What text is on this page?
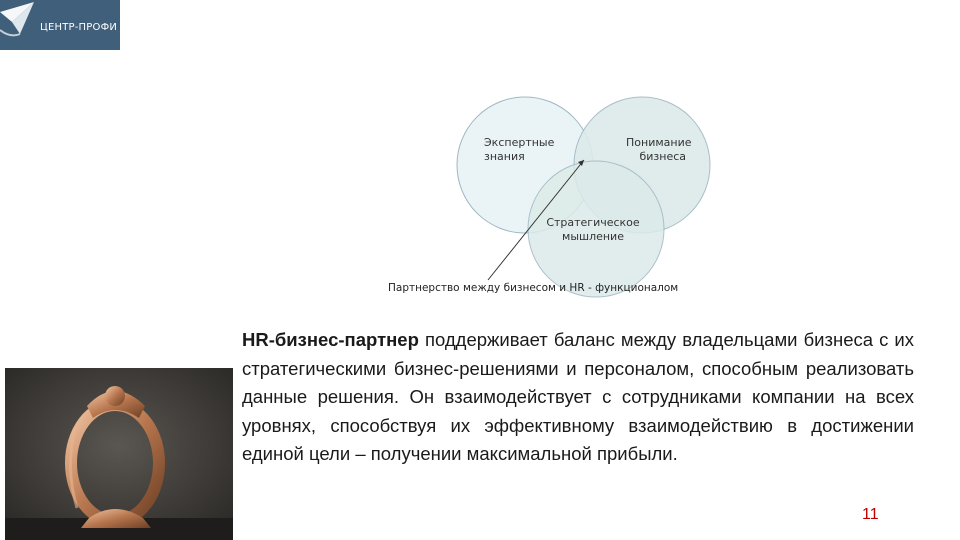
ЦЕНТР-ПРОФИ
Экспертные
знания
Понимание
бизнеса
Стратегическое
мышление
Партнерство между бизнесом и HR - функционалом
HR-бизнес-партнер поддерживает баланс между владельцами бизнеса с их стратегическими бизнес-решениями и персоналом, способным реализовать данные решения. Он взаимодействует с сотрудниками компании на всех уровнях, способствуя их эффективному взаимодействию в достижении единой цели – получении максимальной прибыли.
11
